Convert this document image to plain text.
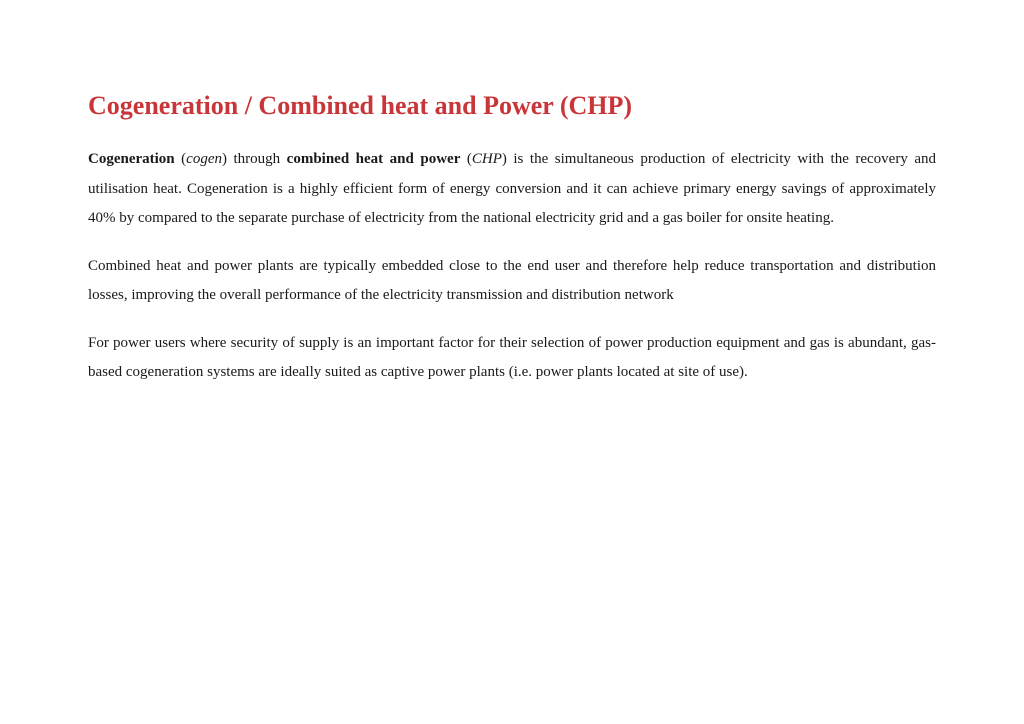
Cogeneration / Combined heat and Power (CHP)

Cogeneration (cogen) through combined heat and power (CHP) is the simultaneous production of electricity with the recovery and utilisation heat. Cogeneration is a highly efficient form of energy conversion and it can achieve primary energy savings of approximately 40% by compared to the separate purchase of electricity from the national electricity grid and a gas boiler for onsite heating.

Combined heat and power plants are typically embedded close to the end user and therefore help reduce transportation and distribution losses, improving the overall performance of the electricity transmission and distribution network

For power users where security of supply is an important factor for their selection of power production equipment and gas is abundant, gas-based cogeneration systems are ideally suited as captive power plants (i.e. power plants located at site of use).
